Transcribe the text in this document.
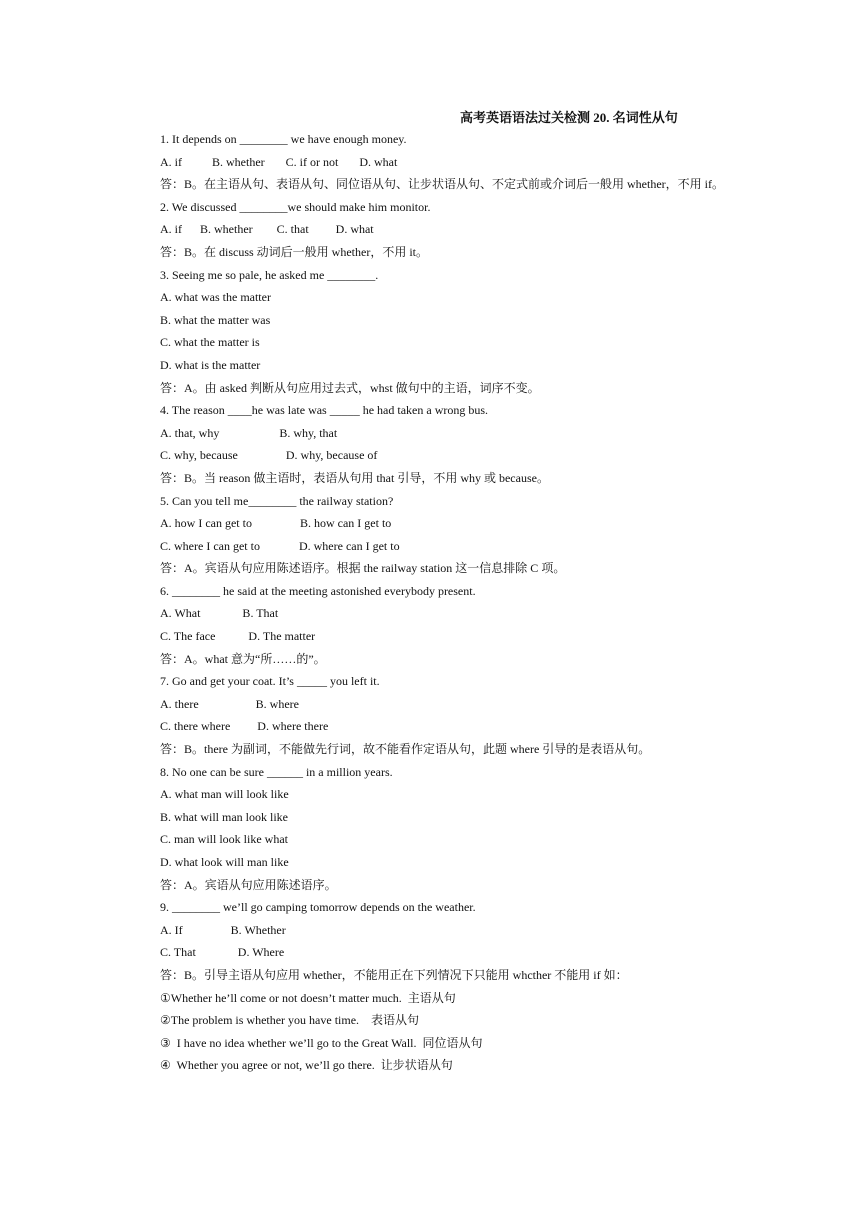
高考英语语法过关检测 20. 名词性从句
1. It depends on ________ we have enough money.
A. if          B. whether       C. if or not       D. what
答：B。在主语从句、表语从句、同位语从句、让步状语从句、不定式前或介词后一般用 whether，不用 if。
2. We discussed ________we should make him monitor.
A. if      B. whether        C. that         D. what
答：B。在 discuss 动词后一般用 whether，不用 it。
3. Seeing me so pale, he asked me ________.
A. what was the matter
B. what the matter was
C. what the matter is
D. what is the matter
答：A。由 asked 判断从句应用过去式，whst 做句中的主语，词序不变。
4. The reason ____he was late was _____ he had taken a wrong bus.
A. that, why                    B. why, that
C. why, because                D. why, because of
答：B。当 reason 做主语时，表语从句用 that 引导，不用 why 或 because。
5. Can you tell me________ the railway station?
A. how I can get to                B. how can I get to
C. where I can get to             D. where can I get to
答：A。宾语从句应用陈述语序。根据 the railway station 这一信息排除 C 项。
6. ________ he said at the meeting astonished everybody present.
A. What              B. That
C. The face           D. The matter
答：A。what 意为“所……的”。
7. Go and get your coat. It’s _____ you left it.
A. there                   B. where
C. there where         D. where there
答：B。there 为副词，不能做先行词，故不能看作定语从句，此题 where 引导的是表语从句。
8. No one can be sure ______ in a million years.
A. what man will look like
B. what will man look like
C. man will look like what
D. what look will man like
答：A。宾语从句应用陈述语序。
9. ________ we’ll go camping tomorrow depends on the weather.
A. If                B. Whether
C. That              D. Where
答：B。引导主语从句应用 whether，不能用正在下列情况下只能用 whcther 不能用 if 如：
①Whether he’ll come or not doesn’t matter much.  主语从句
②The problem is whether you have time.    表语从句
③  I have no idea whether we’ll go to the Great Wall.  同位语从句
④  Whether you agree or not, we’ll go there.  让步状语从句
